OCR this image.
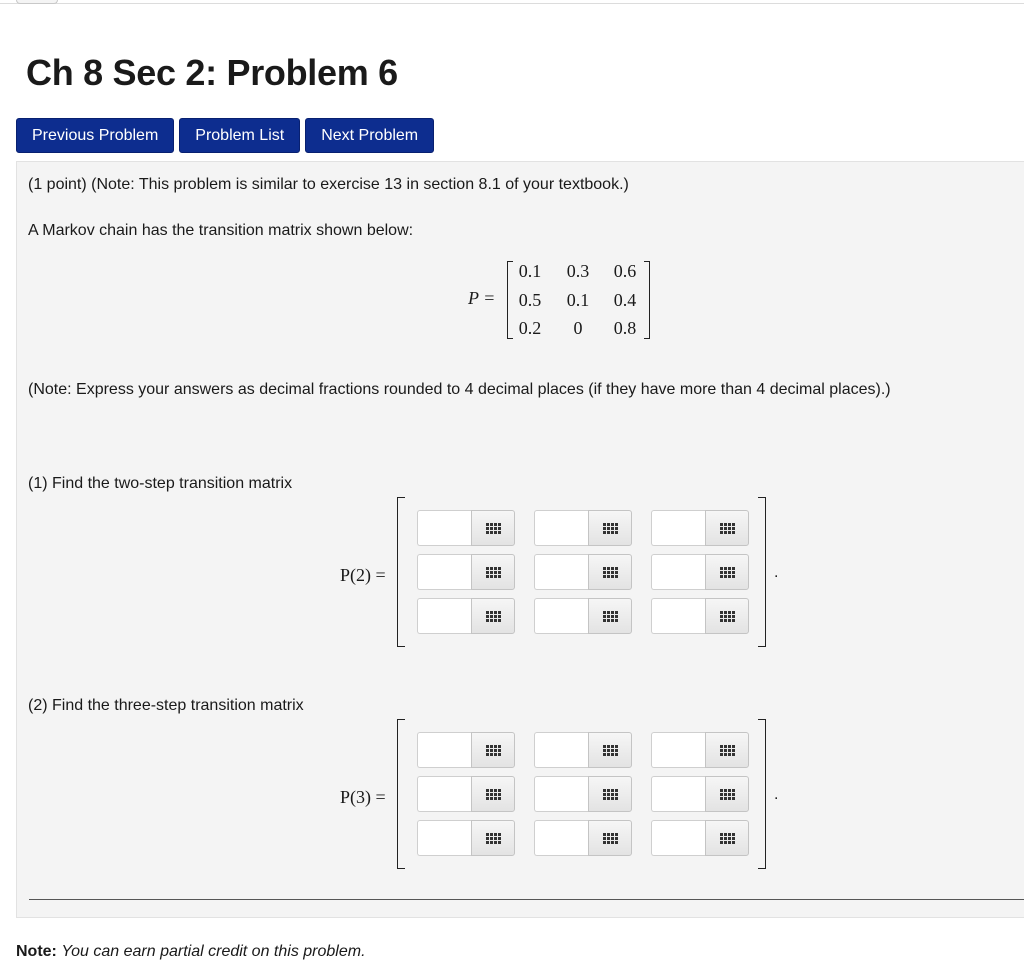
Ch 8 Sec 2: Problem 6
Previous Problem	Problem List	Next Problem
(1 point) (Note: This problem is similar to exercise 13 in section 8.1 of your textbook.)
A Markov chain has the transition matrix shown below:
P =
0.1	0.3	0.6
0.5	0.1	0.4
0.2	0	0.8
(Note: Express your answers as decimal fractions rounded to 4 decimal places (if they have more than 4 decimal places).)
(1) Find the two-step transition matrix
P(2) =	.
(2) Find the three-step transition matrix
P(3) =	.
Note: You can earn partial credit on this problem.
